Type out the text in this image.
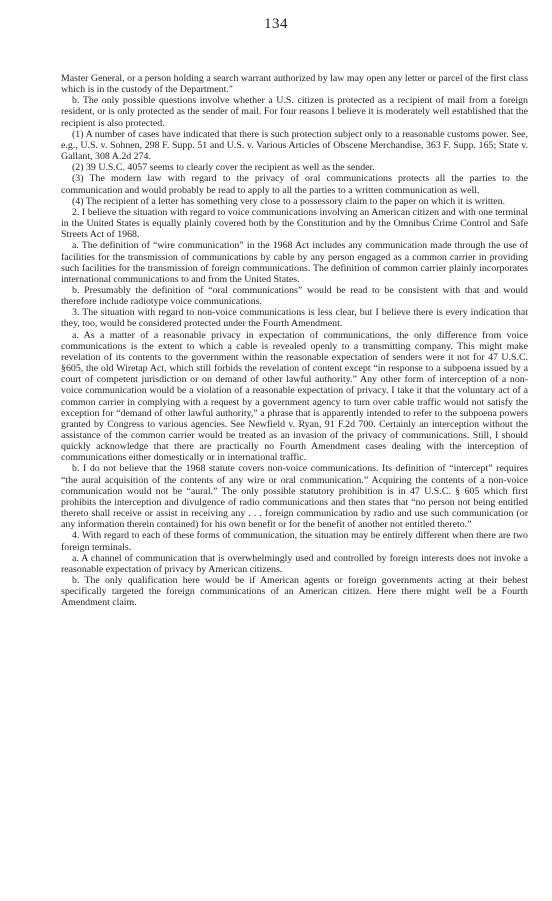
134

Master General, or a person holding a search warrant authorized by law may open any letter or parcel of the first class which is in the custody of the Department."

b. The only possible questions involve whether a U.S. citizen is protected as a recipient of mail from a foreign resident, or is only protected as the sender of mail. For four reasons I believe it is moderately well established that the recipient is also protected.

(1) A number of cases have indicated that there is such protection subject only to a reasonable customs power. See, e.g., U.S. v. Sohnen, 298 F. Supp. 51 and U.S. v. Various Articles of Obscene Merchandise, 363 F. Supp. 165; State v. Gallant, 308 A.2d 274.

(2) 39 U.S.C. 4057 seems to clearly cover the recipient as well as the sender.

(3) The modern law with regard to the privacy of oral communications protects all the parties to the communication and would probably be read to apply to all the parties to a written communication as well.

(4) The recipient of a letter has something very close to a possessory claim to the paper on which it is written.

2. I believe the situation with regard to voice communications involving an American citizen and with one terminal in the United States is equally plainly covered both by the Constitution and by the Omnibus Crime Control and Safe Streets Act of 1968.

a. The definition of “wire communication” in the 1968 Act includes any communication made through the use of facilities for the transmission of communications by cable by any person engaged as a common carrier in providing such facilities for the transmission of foreign communications. The definition of common carrier plainly incorporates international communications to and from the United States.

b. Presumably the definition of “oral communications” would be read to be consistent with that and would therefore include radiotype voice communications.

3. The situation with regard to non-voice communications is less clear, but I believe there is every indication that they, too, would be considered protected under the Fourth Amendment.

a. As a matter of a reasonable privacy in expectation of communications, the only difference from voice communications is the extent to which a cable is revealed openly to a transmitting company. This might make revelation of its contents to the government within the reasonable expectation of senders were it not for 47 U.S.C. §605, the old Wiretap Act, which still forbids the revelation of content except “in response to a subpoena issued by a court of competent jurisdiction or on demand of other lawful authority.” Any other form of interception of a non-voice communication would be a violation of a reasonable expectation of privacy. I take it that the voluntary act of a common carrier in complying with a request by a government agency to turn over cable traffic would not satisfy the exception for “demand of other lawful authority,” a phrase that is apparently intended to refer to the subpoena powers granted by Congress to various agencies. See Newfield v. Ryan, 91 F.2d 700. Certainly an interception without the assistance of the common carrier would be treated as an invasion of the privacy of communications. Still, I should quickly acknowledge that there are practically no Fourth Amendment cases dealing with the interception of communications either domestically or in international traffic.

b. I do not believe that the 1968 statute covers non-voice communications. Its definition of “intercept” requires “the aural acquisition of the contents of any wire or oral communication.” Acquiring the contents of a non-voice communication would not be “aural.” The only possible statutory prohibition is in 47 U.S.C. § 605 which first prohibits the interception and divulgence of radio communications and then states that “no person not being entitled thereto shall receive or assist in receiving any . . . foreign communication by radio and use such communication (or any information therein contained) for his own benefit or for the benefit of another not entitled thereto.”

4. With regard to each of these forms of communication, the situation may be entirely different when there are two foreign terminals.

a. A channel of communication that is overwhelmingly used and controlled by foreign interests does not invoke a reasonable expectation of privacy by American citizens.

b. The only qualification here would be if American agents or foreign governments acting at their behest specifically targeted the foreign communications of an American citizen. Here there might well be a Fourth Amendment claim.
